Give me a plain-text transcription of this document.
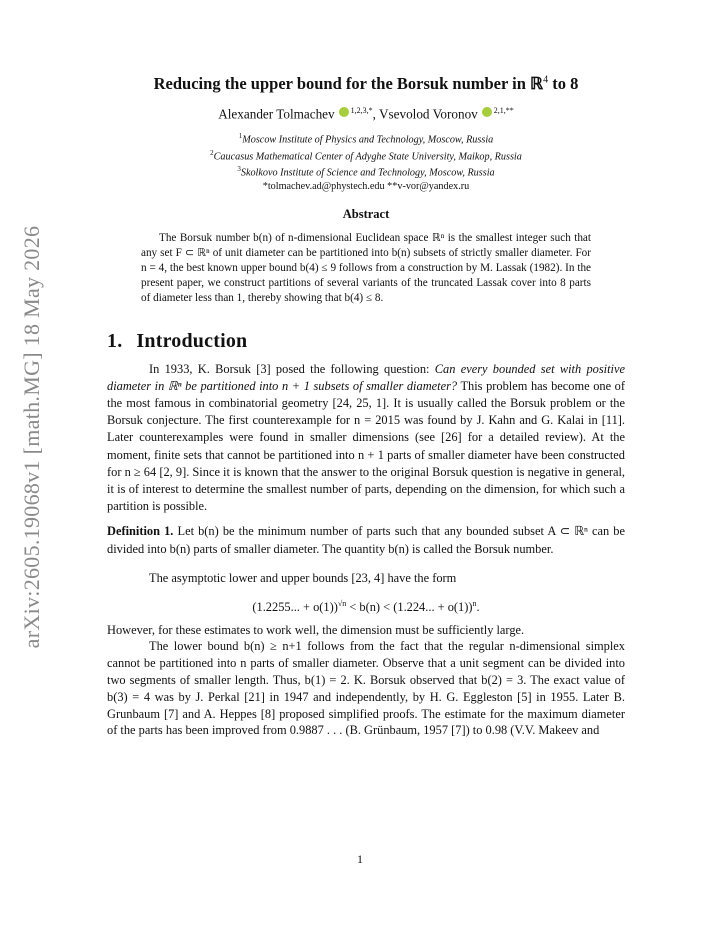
arXiv:2605.19068v1 [math.MG] 18 May 2026
Reducing the upper bound for the Borsuk number in ℝ$^4$ to 8
Alexander Tolmachev $^{1,2,3,*}$, Vsevolod Voronov $^{2,1,**}$
$^1$Moscow Institute of Physics and Technology, Moscow, Russia
$^2$Caucasus Mathematical Center of Adyghe State University, Maikop, Russia
$^3$Skolkovo Institute of Science and Technology, Moscow, Russia
*tolmachev.ad@phystech.edu **v-vor@yandex.ru
Abstract

The Borsuk number b(n) of n-dimensional Euclidean space ℝⁿ is the smallest integer such that any set F ⊂ ℝⁿ of unit diameter can be partitioned into b(n) subsets of strictly smaller diameter. For n = 4, the best known upper bound b(4) ≤ 9 follows from a construction by M. Lassak (1982). In the present paper, we construct partitions of several variants of the truncated Lassak cover into 8 parts of diameter less than 1, thereby showing that b(4) ≤ 8.

1. Introduction

In 1933, K. Borsuk [3] posed the following question: Can every bounded set with positive diameter in ℝⁿ be partitioned into n + 1 subsets of smaller diameter? This problem has become one of the most famous in combinatorial geometry [24, 25, 1]. It is usually called the Borsuk problem or the Borsuk conjecture. The first counterexample for n = 2015 was found by J. Kahn and G. Kalai in [11]. Later counterexamples were found in smaller dimensions (see [26] for a detailed review). At the moment, finite sets that cannot be partitioned into n + 1 parts of smaller diameter have been constructed for n ≥ 64 [2, 9]. Since it is known that the answer to the original Borsuk question is negative in general, it is of interest to determine the smallest number of parts, depending on the dimension, for which such a partition is possible.

Definition 1. Let b(n) be the minimum number of parts such that any bounded subset A ⊂ ℝⁿ can be divided into b(n) parts of smaller diameter. The quantity b(n) is called the Borsuk number.

The asymptotic lower and upper bounds [23, 4] have the form

(1.2255... + o(1))$^{√n}$ < b(n) < (1.224... + o(1))$^n$.

However, for these estimates to work well, the dimension must be sufficiently large.

The lower bound b(n) ≥ n+1 follows from the fact that the regular n-dimensional simplex cannot be partitioned into n parts of smaller diameter. Observe that a unit segment can be divided into two segments of smaller length. Thus, b(1) = 2. K. Borsuk observed that b(2) = 3. The exact value of b(3) = 4 was by J. Perkal [21] in 1947 and independently, by H. G. Eggleston [5] in 1955. Later B. Grunbaum [7] and A. Heppes [8] proposed simplified proofs. The estimate for the maximum diameter of the parts has been improved from 0.9887 . . . (B. Grünbaum, 1957 [7]) to 0.98 (V.V. Makeev and

1
